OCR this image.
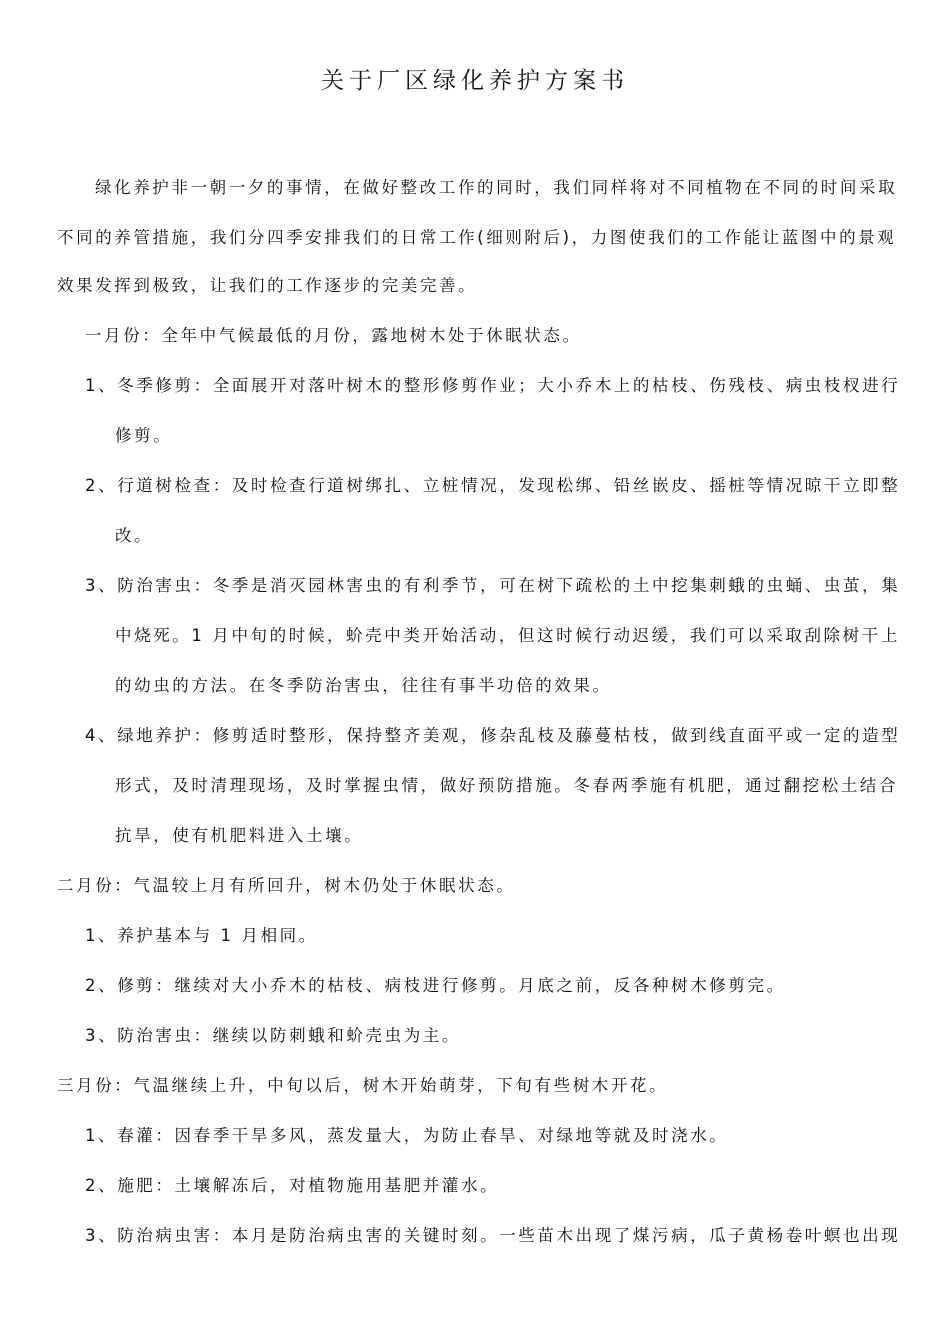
关于厂区绿化养护方案书
绿化养护非一朝一夕的事情，在做好整改工作的同时，我们同样将对不同植物在不同的时间采取
不同的养管措施，我们分四季安排我们的日常工作(细则附后)，力图使我们的工作能让蓝图中的景观
效果发挥到极致，让我们的工作逐步的完美完善。
一月份：全年中气候最低的月份，露地树木处于休眠状态。
1、冬季修剪：全面展开对落叶树木的整形修剪作业；大小乔木上的枯枝、伤残枝、病虫枝杈进行
修剪。
2、行道树检查：及时检查行道树绑扎、立桩情况，发现松绑、铅丝嵌皮、摇桩等情况晾干立即整
改。
3、防治害虫：冬季是消灭园林害虫的有利季节，可在树下疏松的土中挖集刺蛾的虫蛹、虫茧，集
中烧死。1 月中旬的时候，蚧壳中类开始活动，但这时候行动迟缓，我们可以采取刮除树干上
的幼虫的方法。在冬季防治害虫，往往有事半功倍的效果。
4、绿地养护：修剪适时整形，保持整齐美观，修杂乱枝及藤蔓枯枝，做到线直面平或一定的造型
形式，及时清理现场，及时掌握虫情，做好预防措施。冬春两季施有机肥，通过翻挖松土结合
抗旱，使有机肥料进入土壤。
二月份：气温较上月有所回升，树木仍处于休眠状态。
1、养护基本与 1 月相同。
2、修剪：继续对大小乔木的枯枝、病枝进行修剪。月底之前，反各种树木修剪完。
3、防治害虫：继续以防刺蛾和蚧壳虫为主。
三月份：气温继续上升，中旬以后，树木开始萌芽，下旬有些树木开花。
1、春灌：因春季干旱多风，蒸发量大，为防止春旱、对绿地等就及时浇水。
2、施肥：土壤解冻后，对植物施用基肥并灌水。
3、防治病虫害：本月是防治病虫害的关键时刻。一些苗木出现了煤污病，瓜子黄杨卷叶螟也出现
